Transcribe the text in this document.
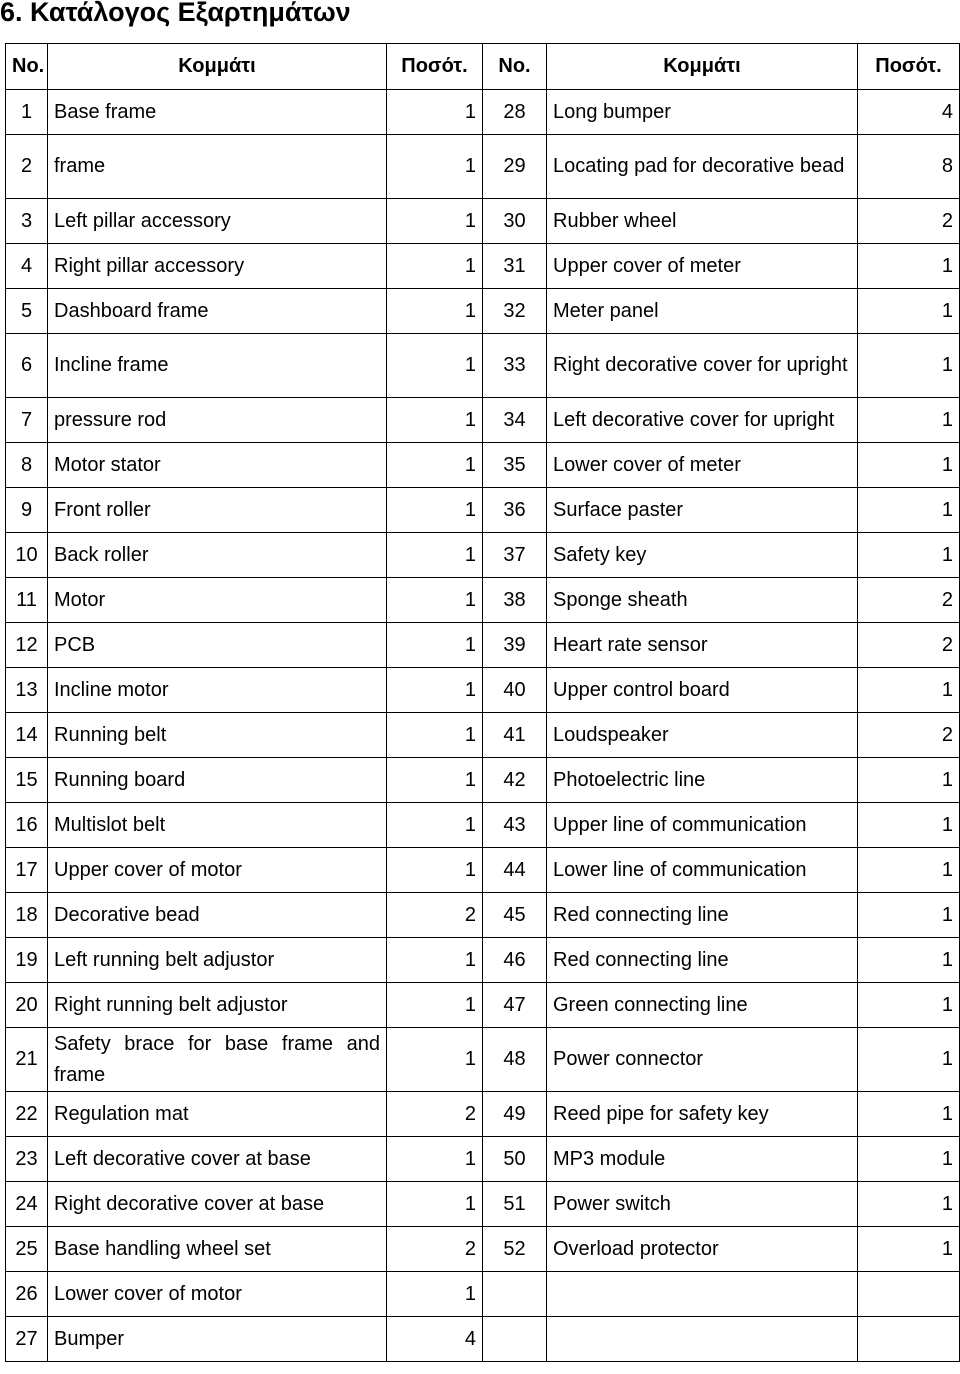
6. Κατάλογος Εξαρτημάτων
No.	Κομμάτι	Ποσότ.	No.	Κομμάτι	Ποσότ.
1	Base frame	1	28	Long bumper	4
2	frame	1	29	Locating pad for decorative bead	8
3	Left pillar accessory	1	30	Rubber wheel	2
4	Right pillar accessory	1	31	Upper cover of meter	1
5	Dashboard frame	1	32	Meter panel	1
6	Incline frame	1	33	Right decorative cover for upright	1
7	pressure rod	1	34	Left decorative cover for upright	1
8	Motor stator	1	35	Lower cover of meter	1
9	Front roller	1	36	Surface paster	1
10	Back roller	1	37	Safety key	1
11	Motor	1	38	Sponge sheath	2
12	PCB	1	39	Heart rate sensor	2
13	Incline motor	1	40	Upper control board	1
14	Running belt	1	41	Loudspeaker	2
15	Running board	1	42	Photoelectric line	1
16	Multislot belt	1	43	Upper line of communication	1
17	Upper cover of motor	1	44	Lower line of communication	1
18	Decorative bead	2	45	Red connecting line	1
19	Left running belt adjustor	1	46	Red connecting line	1
20	Right running belt adjustor	1	47	Green connecting line	1
21	Safety brace for base frame and frame	1	48	Power connector	1
22	Regulation mat	2	49	Reed pipe for safety key	1
23	Left decorative cover at base	1	50	MP3 module	1
24	Right decorative cover at base	1	51	Power switch	1
25	Base handling wheel set	2	52	Overload protector	1
26	Lower cover of motor	1			
27	Bumper	4			
